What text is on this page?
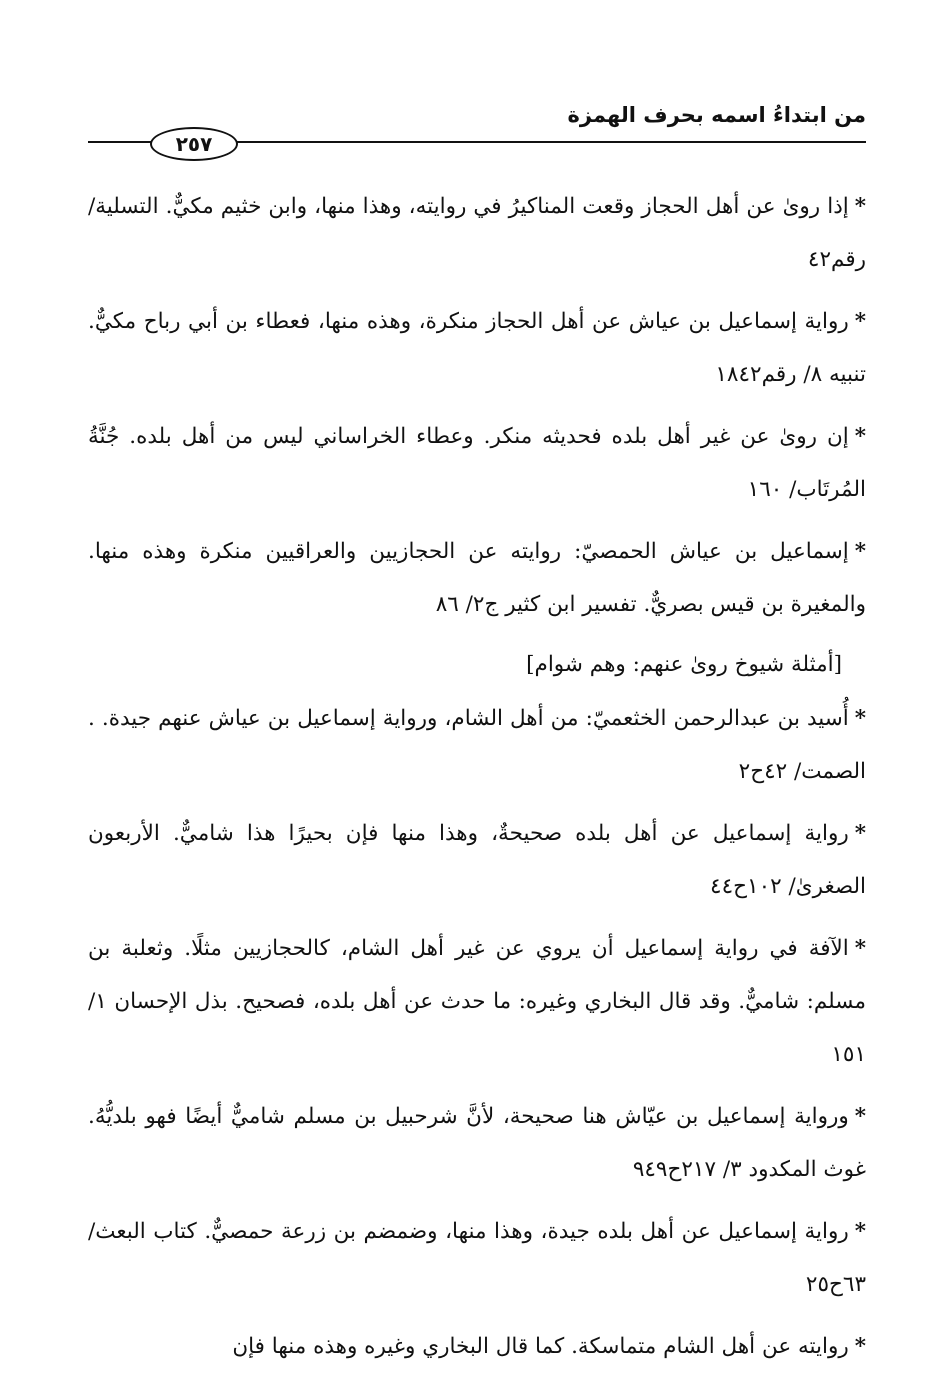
من ابتداءُ اسمه بحرف الهمزة
٢٥٧

*إذا روىٰ عن أهل الحجاز وقعت المناكيرُ في روايته، وهذا منها، وابن خثيم مكيٌّ. التسلية/ رقم٤٢

*رواية إسماعيل بن عياش عن أهل الحجاز منكرة، وهذه منها، فعطاء بن أبي رباح مكيٌّ. تنبيه ٨/ رقم١٨٤٢

*إن روىٰ عن غير أهل بلده فحديثه منكر. وعطاء الخراساني ليس من أهل بلده. جُنَّةُ المُرتَاب/ ١٦٠

*إسماعيل بن عياش الحمصيّ: روايته عن الحجازيين والعراقيين منكرة وهذه منها. والمغيرة بن قيس بصريٌّ. تفسير ابن كثير ج٢/ ٨٦

[أمثلة شيوخ روىٰ عنهم: وهم شوام]

*أُسيد بن عبدالرحمن الخثعميّ: من أهل الشام، ورواية إسماعيل بن عياش عنهم جيدة. . الصمت/ ٤٢ح٢

*رواية إسماعيل عن أهل بلده صحيحةٌ، وهذا منها فإن بحيرًا هذا شاميٌّ. الأربعون الصغرىٰ/ ١٠٢ح٤٤

*الآفة في رواية إسماعيل أن يروي عن غير أهل الشام، كالحجازيين مثلًا. وثعلبة بن مسلم: شاميٌّ. وقد قال البخاري وغيره: ما حدث عن أهل بلده، فصحيح. بذل الإحسان ١/ ١٥١

*ورواية إسماعيل بن عيّاش هنا صحيحة، لأنَّ شرحبيل بن مسلم شاميٌّ أيضًا فهو بلديُّهُ. غوث المكدود ٣/ ٢١٧ح٩٤٩

*رواية إسماعيل عن أهل بلده جيدة، وهذا منها، وضمضم بن زرعة حمصيٌّ. كتاب البعث/ ٦٣ح٢٥

*روايته عن أهل الشام متماسكة. كما قال البخاري وغيره وهذه منها فإن
